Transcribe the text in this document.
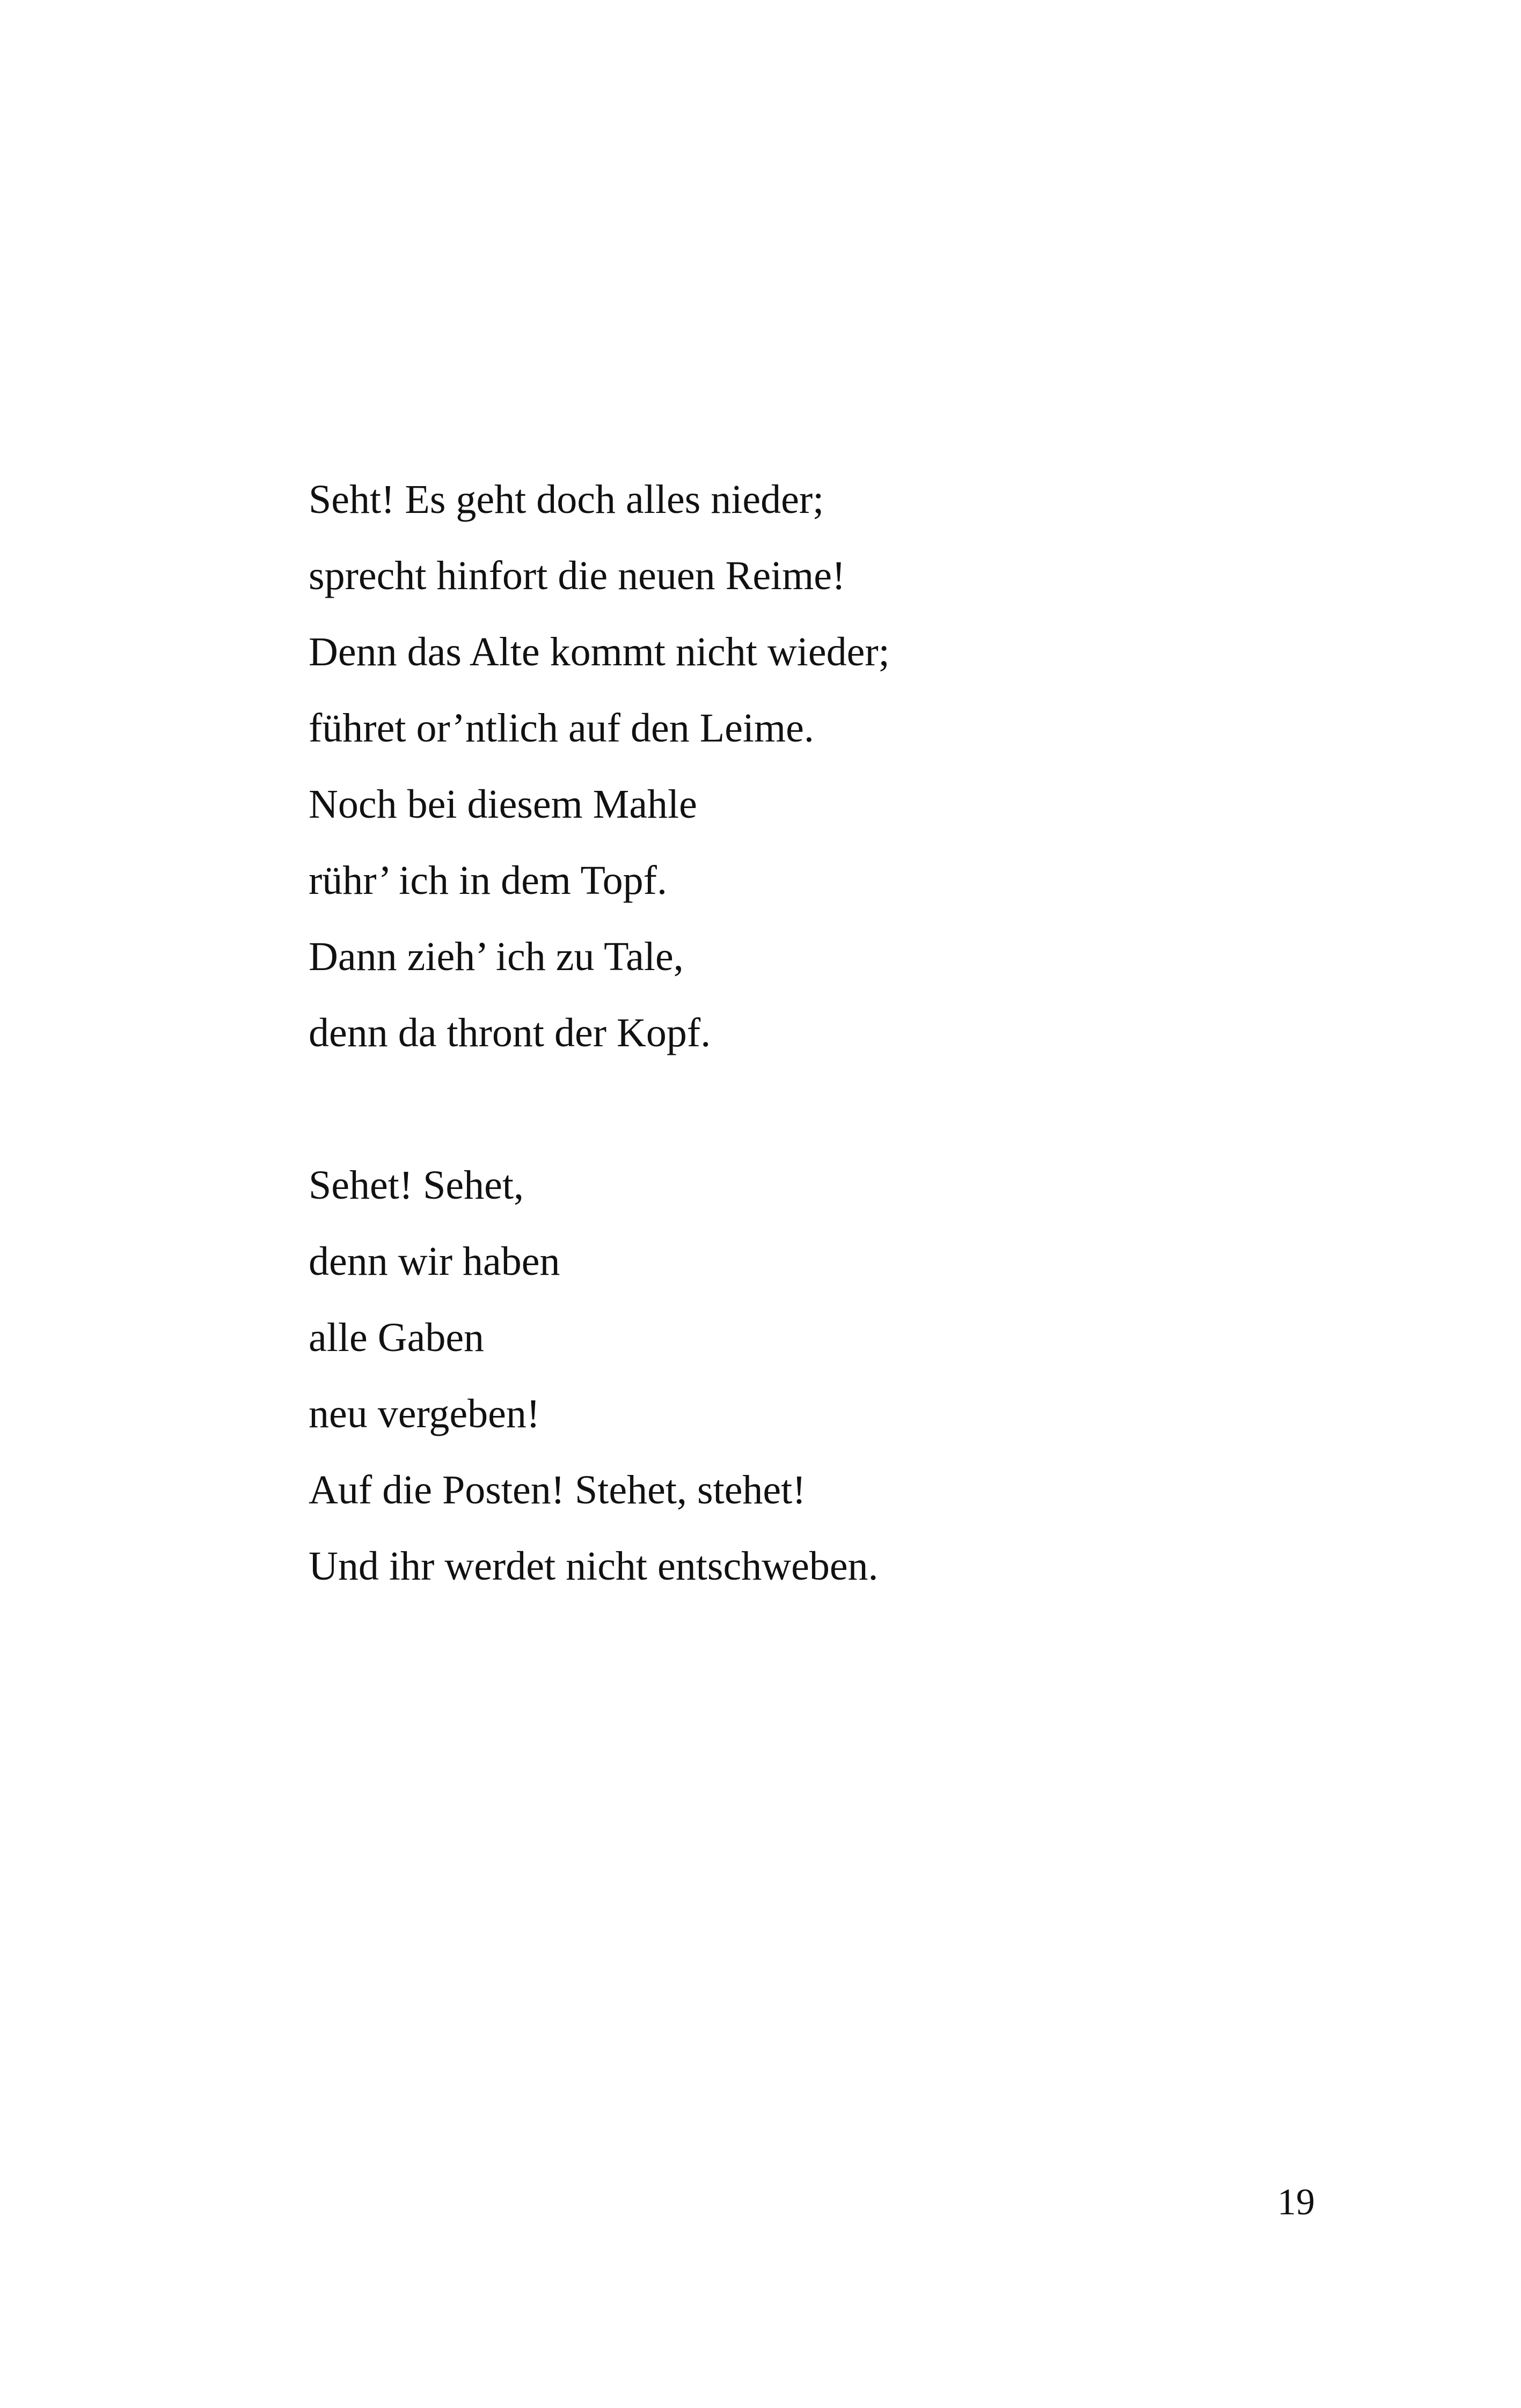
Seht! Es geht doch alles nieder;
sprecht hinfort die neuen Reime!
Denn das Alte kommt nicht wieder;
führet or’ntlich auf den Leime.
Noch bei diesem Mahle
rühr’ ich in dem Topf.
Dann zieh’ ich zu Tale,
denn da thront der Kopf.
Sehet! Sehet,
denn wir haben
alle Gaben
neu vergeben!
Auf die Posten! Stehet, stehet!
Und ihr werdet nicht entschweben.
19
